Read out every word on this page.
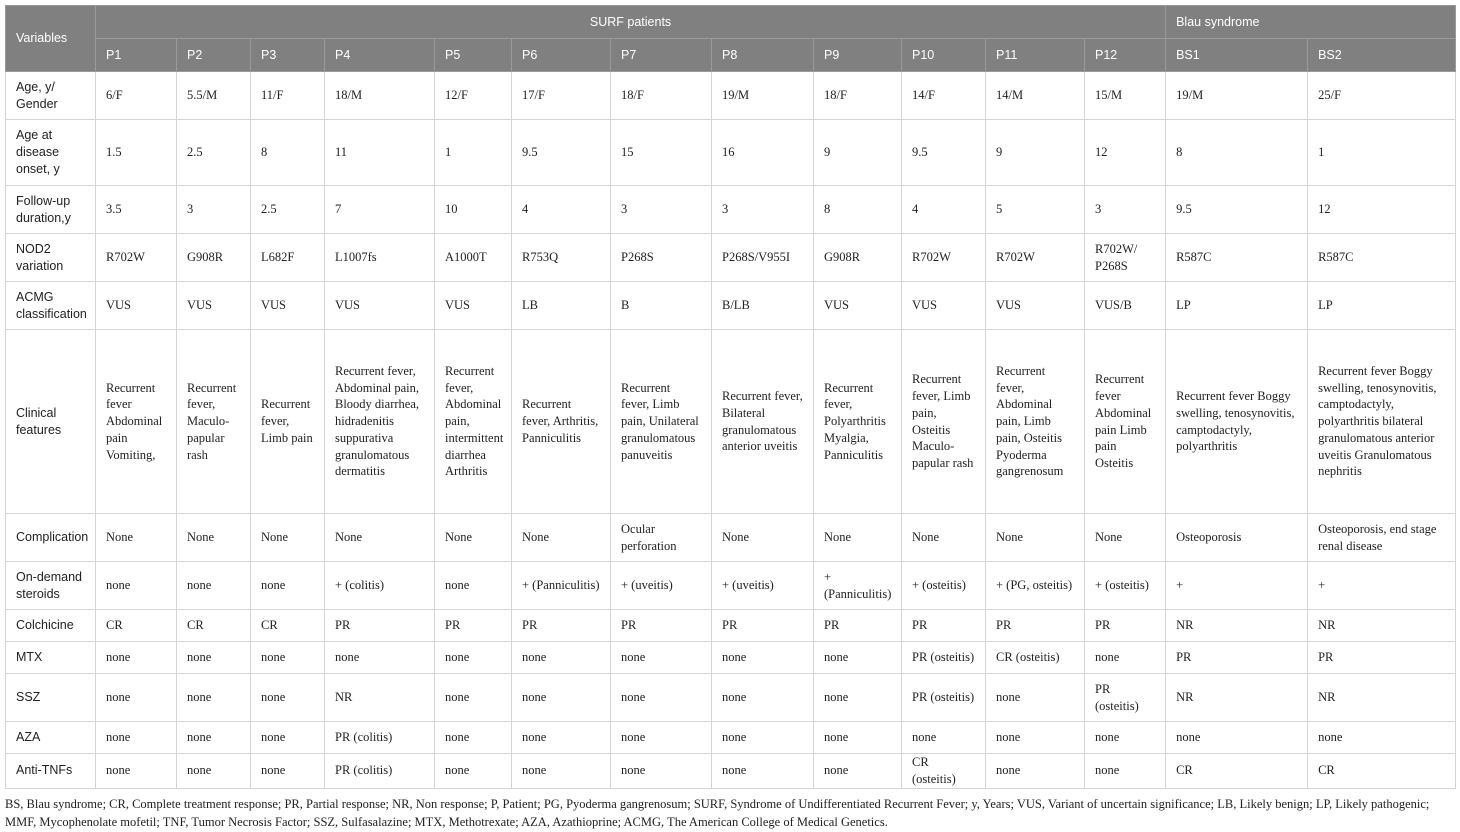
Variables	SURF patients												Blau syndrome	
	P1	P2	P3	P4	P5	P6	P7	P8	P9	P10	P11	P12	BS1	BS2
Age, y/ Gender	6/F	5.5/M	11/F	18/M	12/F	17/F	18/F	19/M	18/F	14/F	14/M	15/M	19/M	25/F
Age at disease onset, y	1.5	2.5	8	11	1	9.5	15	16	9	9.5	9	12	8	1
Follow-up duration,y	3.5	3	2.5	7	10	4	3	3	8	4	5	3	9.5	12
NOD2 variation	R702W	G908R	L682F	L1007fs	A1000T	R753Q	P268S	P268S/V955I	G908R	R702W	R702W	R702W/ P268S	R587C	R587C
ACMG classification	VUS	VUS	VUS	VUS	VUS	LB	B	B/LB	VUS	VUS	VUS	VUS/B	LP	LP
Clinical features	Recurrent fever Abdominal pain Vomiting,	Recurrent fever, Maculo-papular rash	Recurrent fever, Limb pain	Recurrent fever, Abdominal pain, Bloody diarrhea, hidradenitis suppurativa granulomatous dermatitis	Recurrent fever, Abdominal pain, intermittent diarrhea Arthritis	Recurrent fever, Arthritis, Panniculitis	Recurrent fever, Limb pain, Unilateral granulomatous panuveitis	Recurrent fever, Bilateral granulomatous anterior uveitis	Recurrent fever, Polyarthritis Myalgia, Panniculitis	Recurrent fever, Limb pain, Osteitis Maculo-papular rash	Recurrent fever, Abdominal pain, Limb pain, Osteitis Pyoderma gangrenosum	Recurrent fever Abdominal pain Limb pain Osteitis	Recurrent fever Boggy swelling, tenosynovitis, camptodactyly, polyarthritis	Recurrent fever Boggy swelling, tenosynovitis, camptodactyly, polyarthritis bilateral granulomatous anterior uveitis Granulomatous nephritis
Complication	None	None	None	None	None	None	Ocular perforation	None	None	None	None	None	Osteoporosis	Osteoporosis, end stage renal disease
On-demand steroids	none	none	none	+ (colitis)	none	+ (Panniculitis)	+ (uveitis)	+ (uveitis)	+ (Panniculitis)	+ (osteitis)	+ (PG, osteitis)	+ (osteitis)	+	+
Colchicine	CR	CR	CR	PR	PR	PR	PR	PR	PR	PR	PR	PR	NR	NR
MTX	none	none	none	none	none	none	none	none	none	PR (osteitis)	CR (osteitis)	none	PR	PR
SSZ	none	none	none	NR	none	none	none	none	none	PR (osteitis)	none	PR (osteitis)	NR	NR
AZA	none	none	none	PR (colitis)	none	none	none	none	none	none	none	none	none	none
Anti-TNFs	none	none	none	PR (colitis)	none	none	none	none	none	CR (osteitis)	none	none	CR	CR
BS, Blau syndrome; CR, Complete treatment response; PR, Partial response; NR, Non response; P, Patient; PG, Pyoderma gangrenosum; SURF, Syndrome of Undifferentiated Recurrent Fever; y, Years; VUS, Variant of uncertain significance; LB, Likely benign; LP, Likely pathogenic; MMF, Mycophenolate mofetil; TNF, Tumor Necrosis Factor; SSZ, Sulfasalazine; MTX, Methotrexate; AZA, Azathioprine; ACMG, The American College of Medical Genetics.
